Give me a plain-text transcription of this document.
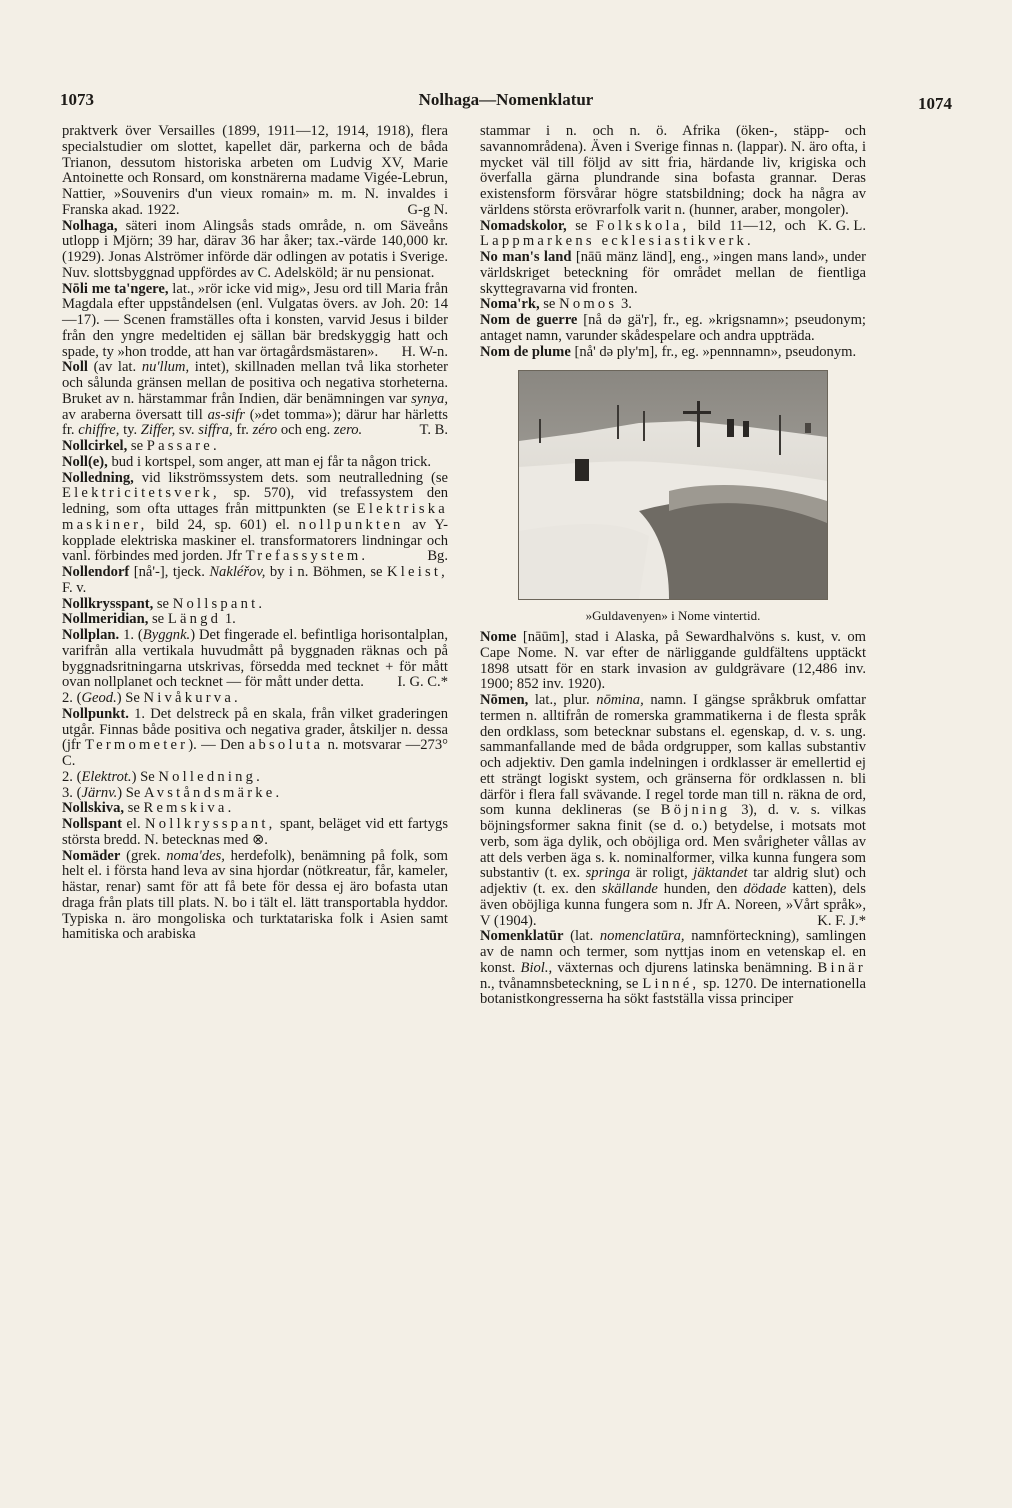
1073	Nolhaga—Nomenklatur	1074

praktverk över Versailles (1899, 1911—12, 1914, 1918), flera specialstudier om slottet, kapellet där, parkerna och de båda Trianon, dessutom historiska arbeten om Ludvig XV, Marie Antoinette och Ronsard, om konstnärerna madame Vigée-Lebrun, Nattier, »Souvenirs d'un vieux romain» m. m. N. invaldes i Franska akad. 1922.	G-g N.

Nolhaga, säteri inom Alingsås stads område, n. om Säveåns utlopp i Mjörn; 39 har, därav 36 har åker; tax.-värde 140,000 kr. (1929). Jonas Alströmer införde där odlingen av potatis i Sverige. Nuv. slottsbyggnad uppfördes av C. Adelsköld; är nu pensionat.

Nōli me ta'ngere, lat., »rör icke vid mig», Jesu ord till Maria från Magdala efter uppståndelsen (enl. Vulgatas övers. av Joh. 20: 14—17). — Scenen framställes ofta i konsten, varvid Jesus i bilder från den yngre medeltiden ej sällan bär bredskyggig hatt och spade, ty »hon trodde, att han var örtagårdsmästaren». H. W-n.

Noll (av lat. nu'llum, intet), skillnaden mellan två lika storheter och sålunda gränsen mellan de positiva och negativa storheterna. Bruket av n. härstammar från Indien, där benämningen var synya, av araberna översatt till as-sifr (»det tomma»); därur har härletts fr. chiffre, ty. Ziffer, sv. siffra, fr. zéro och eng. zero.	T. B.

Nollcirkel, se Passare.

Noll(e), bud i kortspel, som anger, att man ej får ta någon trick.

Nolledning, vid likströmssystem dets. som neutralledning (se Elektricitetsverk, sp. 570), vid trefassystem den ledning, som ofta uttages från mittpunkten (se Elektriska maskiner, bild 24, sp. 601) el. nollpunkten av Y-kopplade elektriska maskiner el. transformatorers lindningar och vanl. förbindes med jorden. Jfr Trefassystem.	Bg.

Nollendorf [nå'-], tjeck. Nakléřov, by i n. Böhmen, se Kleist, F. v.

Nollkrysspant, se Nollspant.

Nollmeridian, se Längd 1.

Nollplan. 1. (Byggnk.) Det fingerade el. befintliga horisontalplan, varifrån alla vertikala huvudmått på byggnaden räknas och på byggnadsritningarna utskrivas, försedda med tecknet + för mått ovan nollplanet och tecknet — för mått under detta. I. G. C.*

2. (Geod.) Se Nivåkurva.

Nollpunkt. 1. Det delstreck på en skala, från vilket graderingen utgår. Finnas både positiva och negativa grader, åtskiljer n. dessa (jfr Termometer). — Den absoluta n. motsvarar —273° C.
2. (Elektrot.) Se Nolledning.
3. (Järnv.) Se Avståndsmärke.

Nollskiva, se Remskiva.

Nollspant el. Nollkrysspant, spant, beläget vid ett fartygs största bredd. N. betecknas med ⊗.

Nomäder (grek. noma'des, herdefolk), benämning på folk, som helt el. i första hand leva av sina hjordar (nötkreatur, får, kameler, hästar, renar) samt för att få bete för dessa ej äro bofasta utan draga från plats till plats. N. bo i tält el. lätt transportabla hyddor. Typiska n. äro mongoliska och turktatariska folk i Asien samt hamitiska och arabiska

stammar i n. och n. ö. Afrika (öken-, stäpp- och savannområdena). Även i Sverige finnas n. (lappar). N. äro ofta, i mycket väl till följd av sitt fria, härdande liv, krigiska och överfalla gärna plundrande sina bofasta grannar. Deras existensform försvårar högre statsbildning; dock ha några av världens största erövrarfolk varit n. (hunner, araber, mongoler).
K. G. L.

Nomadskolor, se Folkskola, bild 11—12, och Lappmarkens ecklesiastikverk.

No man's land [nāū mänz länd], eng., »ingen mans land», under världskriget beteckning för området mellan de fientliga skyttegravarna vid fronten.

Noma'rk, se Nomos 3.

Nom de guerre [nå də gä'r], fr., eg. »krigsnamn»; pseudonym; antaget namn, varunder skådespelare och andra uppträda.

Nom de plume [nå' də ply'm], fr., eg. »pennnamn», pseudonym.

»Guldavenyen» i Nome vintertid.

Nome [nāūm], stad i Alaska, på Sewardhalvöns s. kust, v. om Cape Nome. N. var efter de närliggande guldfältens upptäckt 1898 utsatt för en stark invasion av guldgrävare (12,486 inv. 1900; 852 inv. 1920).

Nōmen, lat., plur. nōmina, namn. I gängse språkbruk omfattar termen n. alltifrån de romerska grammatikerna i de flesta språk den ordklass, som betecknar substans el. egenskap, d. v. s. ung. sammanfallande med de båda ordgrupper, som kallas substantiv och adjektiv. Den gamla indelningen i ordklasser är emellertid ej ett strängt logiskt system, och gränserna för ordklassen n. bli därför i flera fall svävande. I regel torde man till n. räkna de ord, som kunna deklineras (se Böjning 3), d. v. s. vilkas böjningsformer sakna finit (se d. o.) betydelse, i motsats mot verb, som äga dylik, och oböjliga ord. Men svårigheter vållas av att dels verben äga s. k. nominalformer, vilka kunna fungera som substantiv (t. ex. springa är roligt, jäktandet tar aldrig slut) och adjektiv (t. ex. den skällande hunden, den dödade katten), dels även oböjliga kunna fungera som n. Jfr A. Noreen, »Vårt språk», V (1904).	K. F. J.*

Nomenklatūr (lat. nomenclatūra, namnförteckning), samlingen av de namn och termer, som nyttjas inom en vetenskap el. en konst. Biol., växternas och djurens latinska benämning. Binär n., tvånamnsbeteckning, se Linné, sp. 1270. De internationella botanistkongresserna ha sökt fastställa vissa principer
